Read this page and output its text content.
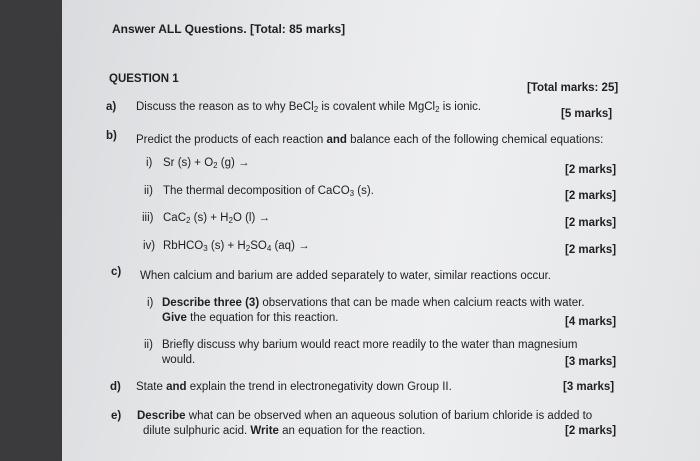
Answer ALL Questions. [Total: 85 marks]
QUESTION 1
[Total marks: 25]
a) Discuss the reason as to why BeCl$_2$ is covalent while MgCl$_2$ is ionic.
[5 marks]
b) Predict the products of each reaction and balance each of the following chemical equations:
i) Sr $(s) + O_2$ (g) →
[2 marks]
ii) The thermal decomposition of CaCO$_3$ (s).	[2 marks]
iii) CaC$_2$ $(s) + H_2O$ (l) →	[2 marks]
iv) RbHCO$_3$ $(s) + H_2SO_4$ (aq) →	[2 marks]
c) When calcium and barium are added separately to water, similar reactions occur.
i) Describe three (3) observations that can be made when calcium reacts with water.
Give the equation for this reaction.	[4 marks]
ii) Briefly discuss why barium would react more readily to the water than magnesium
would.	[3 marks]
d) State and explain the trend in electronegativity down Group II.	[3 marks]
e) Describe what can be observed when an aqueous solution of barium chloride is added to
dilute sulphuric acid. Write an equation for the reaction.	[2 marks]
